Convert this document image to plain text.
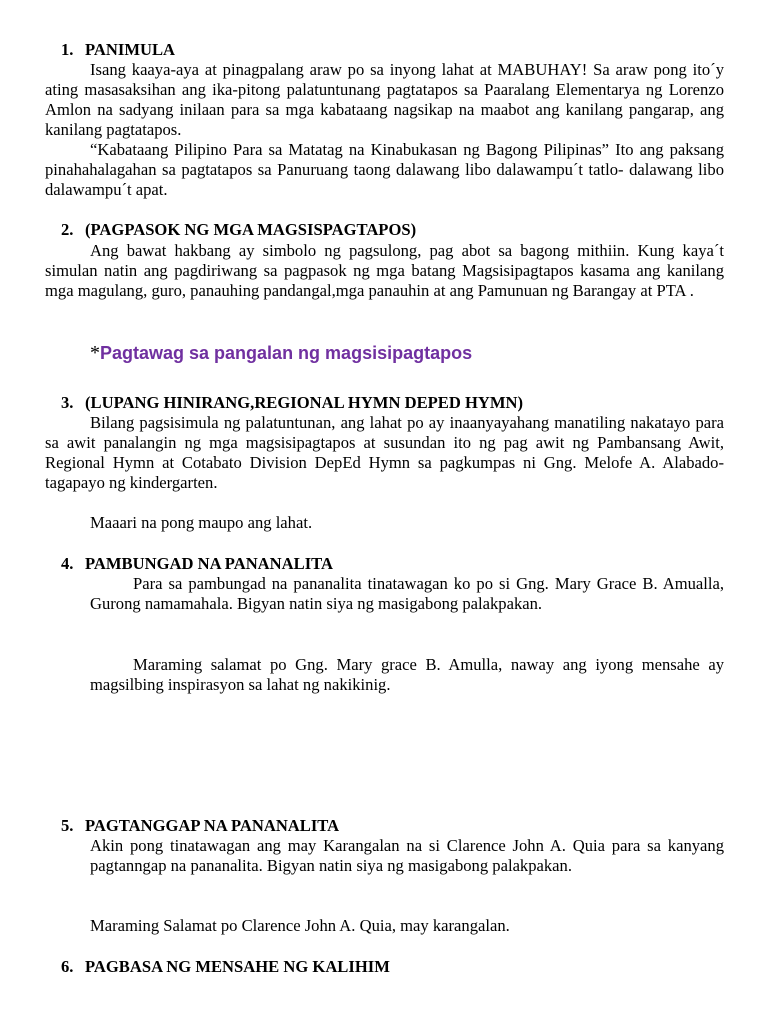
1. PANIMULA

Isang kaaya-aya at pinagpalang araw po sa inyong lahat at MABUHAY! Sa araw pong ito´y ating masasaksihan ang ika-pitong palatuntunang pagtatapos sa Paaralang Elementarya ng Lorenzo Amlon na sadyang inilaan para sa mga kabataang nagsikap na maabot ang kanilang pangarap, ang kanilang pagtatapos.

“Kabataang Pilipino Para sa Matatag na Kinabukasan ng Bagong Pilipinas” Ito ang paksang pinahahalagahan sa pagtatapos sa Panuruang taong dalawang libo dalawampu´t tatlo- dalawang libo dalawampu´t apat.

2. (PAGPASOK NG MGA MAGSISPAGTAPOS)

Ang bawat hakbang ay simbolo ng pagsulong, pag abot sa bagong mithiin. Kung kaya´t simulan natin ang pagdiriwang sa pagpasok ng mga batang Magsisipagtapos kasama ang kanilang mga magulang, guro, panauhing pandangal,mga panauhin at ang Pamunuan ng Barangay at PTA .

*Pagtawag sa pangalan ng magsisipagtapos
3. (LUPANG HINIRANG,REGIONAL HYMN DEPED HYMN)

Bilang pagsisimula ng palatuntunan, ang lahat po ay inaanyayahang manatiling nakatayo para sa awit panalangin ng mga magsisipagtapos at susundan ito ng pag awit ng Pambansang Awit, Regional Hymn at Cotabato Division DepEd Hymn sa pagkumpas ni Gng. Melofe A. Alabado- tagapayo ng kindergarten.

Maaari na pong maupo ang lahat.

4. PAMBUNGAD NA PANANALITA

Para sa pambungad na pananalita tinatawagan ko po si Gng. Mary Grace B. Amualla, Gurong namamahala. Bigyan natin siya ng masigabong palakpakan.

Maraming salamat po Gng. Mary grace B. Amulla, naway ang iyong mensahe ay magsilbing inspirasyon sa lahat ng nakikinig.

5. PAGTANGGAP NA PANANALITA

Akin pong tinatawagan ang may Karangalan na si Clarence John A. Quia para sa kanyang pagtanngap na pananalita. Bigyan natin siya ng masigabong palakpakan.

Maraming Salamat po Clarence John A. Quia, may karangalan.

6. PAGBASA NG MENSAHE NG KALIHIM
